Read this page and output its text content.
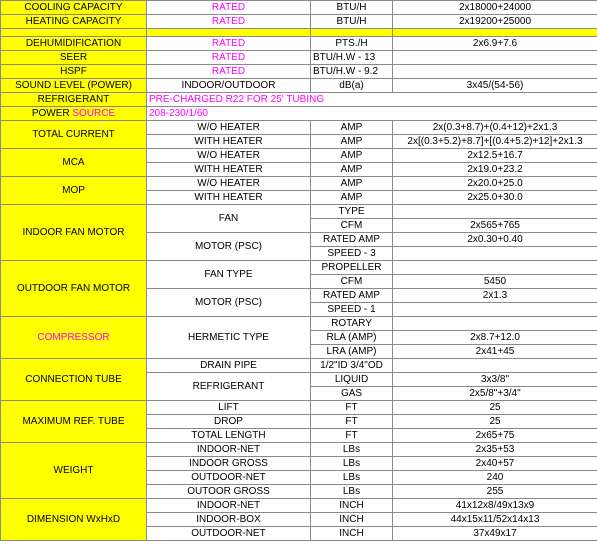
COOLING CAPACITY	RATED	BTU/H	2x18000+24000
HEATING CAPACITY	RATED	BTU/H	2x19200+25000

DEHUMIDIFICATION	RATED	PTS./H	2x6.9+7.6
SEER	RATED	BTU/H.W - 13	
HSPF	RATED	BTU/H.W - 9.2	
SOUND LEVEL (POWER)	INDOOR/OUTDOOR	dB(a)	3x45/(54-56)
REFRIGERANT	PRE-CHARGED R22 FOR 25' TUBING		
POWER SOURCE	208-230/1/60		
TOTAL CURRENT	W/O HEATER	AMP	2x(0.3+8.7)+(0.4+12)+2x1.3
	WITH HEATER	AMP	2x[(0.3+5.2)+8.7]+[(0.4+5.2)+12]+2x1.3
MCA	W/O HEATER	AMP	2x12.5+16.7
	WITH HEATER	AMP	2x19.0+23.2
MOP	W/O HEATER	AMP	2x20.0+25.0
	WITH HEATER	AMP	2x25.0+30.0
INDOOR FAN MOTOR	FAN	TYPE	
		CFM	2x565+765
	MOTOR (PSC)	RATED AMP	2x0.30+0.40
		SPEED - 3	
OUTDOOR FAN MOTOR	FAN TYPE	PROPELLER	
		CFM	5450
	MOTOR (PSC)	RATED AMP	2x1.3
		SPEED - 1	
COMPRESSOR	HERMETIC TYPE	ROTARY	
		RLA (AMP)	2x8.7+12.0
		LRA (AMP)	2x41+45
CONNECTION TUBE	DRAIN PIPE	1/2"ID 3/4"OD	
	REFRIGERANT	LIQUID	3x3/8"
		GAS	2x5/8"+3/4"
MAXIMUM REF. TUBE	LIFT	FT	25
	DROP	FT	25
	TOTAL LENGTH	FT	2x65+75
WEIGHT	INDOOR-NET	LBs	2x35+53
	INDOOR GROSS	LBs	2x40+57
	OUTDOOR-NET	LBs	240
	OUTOOR GROSS	LBs	255
DIMENSION WxHxD	INDOOR-NET	INCH	41x12x8/49x13x9
	INDOOR-BOX	INCH	44x15x11/52x14x13
	OUTDOOR-NET	INCH	37x49x17
